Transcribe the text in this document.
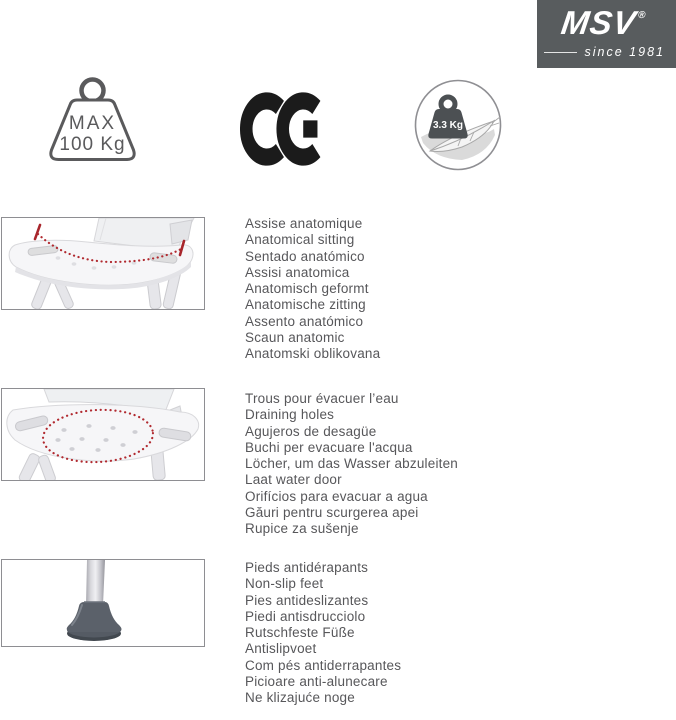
MSV®
since 1981
MAX
100 Kg
3.3 Kg
Assise anatomique
Anatomical sitting
Sentado anatómico
Assisi anatomica
Anatomisch geformt
Anatomische zitting
Assento anatómico
Scaun anatomic
Anatomski oblikovana
Trous pour évacuer l’eau
Draining holes
Agujeros de desagüe
Buchi per evacuare l'acqua
Löcher, um das Wasser abzuleiten
Laat water door
Orifícios para evacuar a agua
Găuri pentru scurgerea apei
Rupice za sušenje
Pieds antidérapants
Non-slip feet
Pies antideslizantes
Piedi antisdrucciolo
Rutschfeste Füße
Antislipvoet
Com pés antiderrapantes
Picioare anti-alunecare
Ne klizajuće noge
